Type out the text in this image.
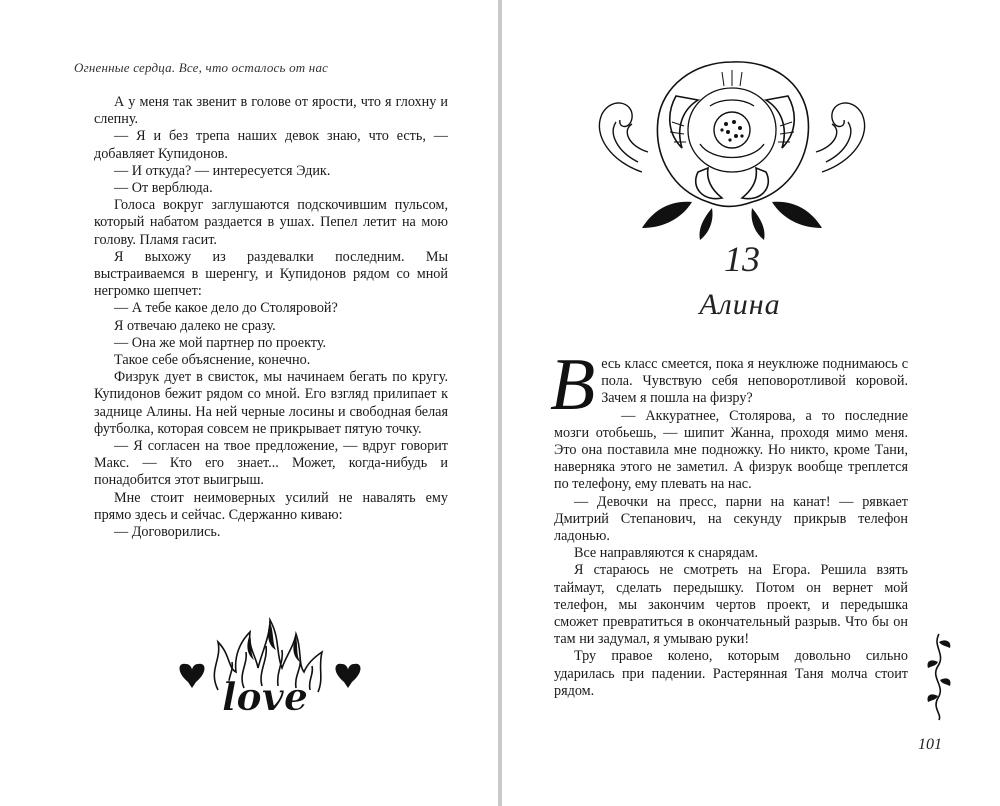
Огненные сердца. Все, что осталось от нас

А у меня так звенит в голове от ярости, что я глохну и слепну.

— Я и без трепа наших девок знаю, что есть, — добавляет Купидонов.

— И откуда? — интересуется Эдик.

— От верблюда.

Голоса вокруг заглушаются подскочившим пульсом, который набатом раздается в ушах. Пепел летит на мою голову. Пламя гасит.

Я выхожу из раздевалки последним. Мы выстраиваемся в шеренгу, и Купидонов рядом со мной негромко шепчет:

— А тебе какое дело до Столяровой?

Я отвечаю далеко не сразу.

— Она же мой партнер по проекту.

Такое себе объяснение, конечно.

Физрук дует в свисток, мы начинаем бегать по кругу. Купидонов бежит рядом со мной. Его взгляд прилипает к заднице Алины. На ней черные лосины и свободная белая футболка, которая совсем не прикрывает пятую точку.

— Я согласен на твое предложение, — вдруг говорит Макс. — Кто его знает... Может, когда-нибудь и понадобится этот выигрыш.

Мне стоит неимоверных усилий не навалять ему прямо здесь и сейчас. Сдержанно киваю:

— Договорились.

love
13
Алина

Весь класс смеется, пока я неуклюже поднимаюсь с пола. Чувствую себя неповоротливой коровой. Зачем я пошла на физру?

— Аккуратнее, Столярова, а то последние мозги отобьешь, — шипит Жанна, проходя мимо меня. Это она поставила мне подножку. Но никто, кроме Тани, наверняка этого не заметил. А физрук вообще треплется по телефону, ему плевать на нас.

— Девочки на пресс, парни на канат! — рявкает Дмитрий Степанович, на секунду прикрыв телефон ладонью.

Все направляются к снарядам.

Я стараюсь не смотреть на Егора. Решила взять таймаут, сделать передышку. Потом он вернет мой телефон, мы закончим чертов проект, и передышка сможет превратиться в окончательный разрыв. Что бы он там ни задумал, я умываю руки!

Тру правое колено, которым довольно сильно ударилась при падении. Растерянная Таня молча стоит рядом.

101
